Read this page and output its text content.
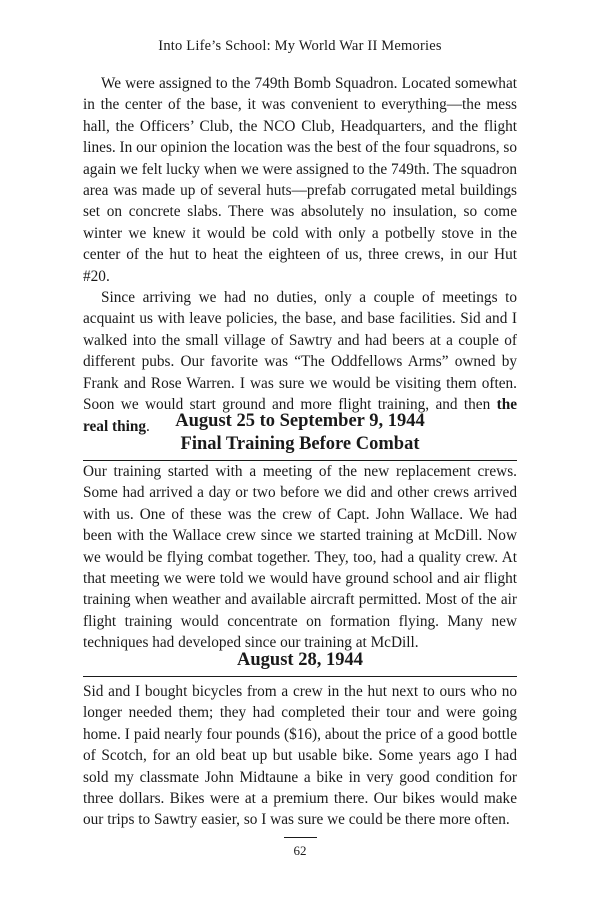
Into Life’s School: My World War II Memories

We were assigned to the 749th Bomb Squadron. Located somewhat in the center of the base, it was convenient to everything—the mess hall, the Officers’ Club, the NCO Club, Headquarters, and the flight lines. In our opinion the location was the best of the four squadrons, so again we felt lucky when we were assigned to the 749th. The squadron area was made up of several huts—prefab corrugated metal buildings set on concrete slabs. There was absolutely no insulation, so come winter we knew it would be cold with only a potbelly stove in the center of the hut to heat the eighteen of us, three crews, in our Hut #20.

Since arriving we had no duties, only a couple of meetings to acquaint us with leave policies, the base, and base facilities. Sid and I walked into the small village of Sawtry and had beers at a couple of different pubs. Our favorite was “The Oddfellows Arms” owned by Frank and Rose Warren. I was sure we would be visiting them often. Soon we would start ground and more flight training, and then the real thing.	August 25 to September 9, 1944
Final Training Before Combat

Our training started with a meeting of the new replacement crews. Some had arrived a day or two before we did and other crews arrived with us. One of these was the crew of Capt. John Wallace. We had been with the Wallace crew since we started training at McDill. Now we would be flying combat together. They, too, had a quality crew. At that meeting we were told we would have ground school and air flight training when weather and available aircraft permitted. Most of the air flight training would concentrate on formation flying. Many new techniques had developed since our training at McDill.

August 28, 1944

Sid and I bought bicycles from a crew in the hut next to ours who no longer needed them; they had completed their tour and were going home. I paid nearly four pounds ($16), about the price of a good bottle of Scotch, for an old beat up but usable bike. Some years ago I had sold my classmate John Midtaune a bike in very good condition for three dollars. Bikes were at a premium there. Our bikes would make our trips to Sawtry easier, so I was sure we could be there more often.

62
